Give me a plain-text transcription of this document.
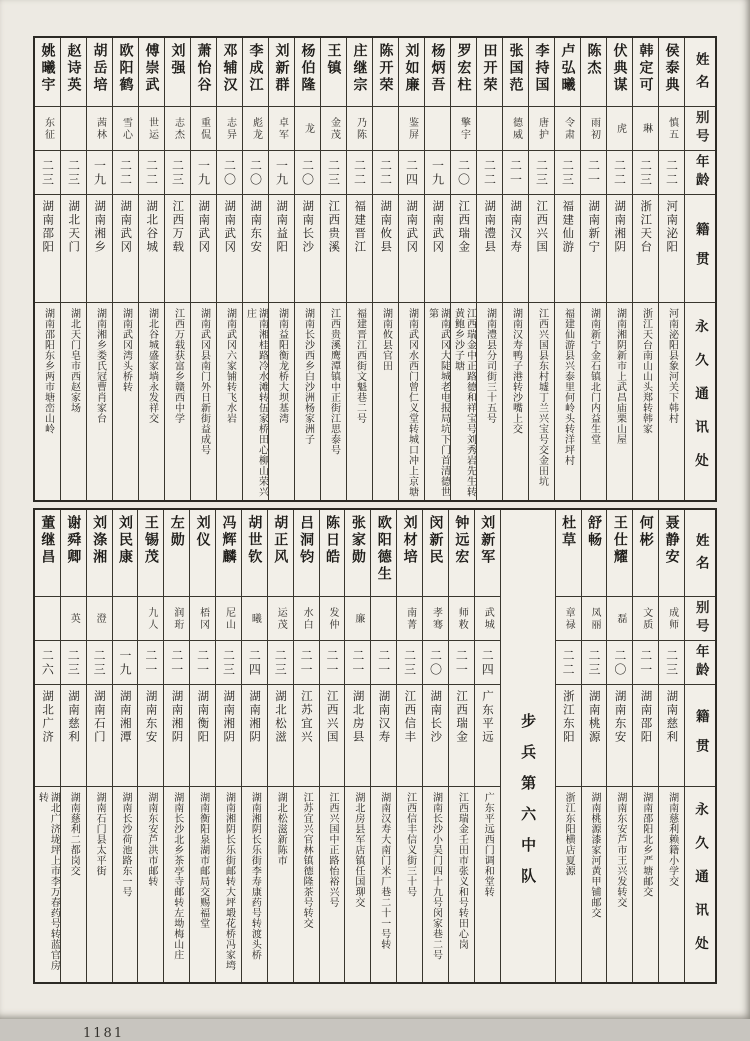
姓名
别号
年龄
籍贯
永久通讯处
侯泰典
慎五
二二
河南泌阳
河南泌阳县象河关下韩村
韩定可
琳
二三
浙江天台
浙江天台南山山头郑转韩家
伏典谋
虎
二二
湖南湘阴
湖南湘阴新市上武昌庙栗山屋
陈杰
雨初
二一
湖南新宁
湖南新宁金石镇北门内益生堂
卢弘曦
令肃
二三
福建仙游
福建仙游县兴泰里何岭头转洋坪村
李持国
唐护
二三
江西兴国
江西兴国县东村墟丁兰兴宝号交金田坑
张国范
德威
二一
湖南汉寿
湖南汉寿鸭子港转沙嘴上交
田开荣
二二
湖南澧县
湖南澧县分司街三十五号
罗宏柱
擎宇
二〇
江西瑞金
江西瑞金中正路德和祥宝号刘秀岩先生转黄鲍乡沙子塘
杨炳吾
一九
湖南武冈
湖南武冈大陡城老电报局坑下门首清德世第
刘如廉
鉴屏
二四
湖南武冈
湖南武冈水西门曾仁义堂转城口冲上京塘
陈开荣
二二
湖南攸县
湖南攸县官田
庄继宗
乃陈
二二
福建晋江
福建晋江西街文魁巷二号
王镇
金茂
二三
江西贵溪
江西贵溪鹰潭镇中正街江思泰号
杨伯隆
龙
二〇
湖南长沙
湖南长沙西乡白沙洲杨家洲子
刘新群
卓军
一九
湖南益阳
湖南益阳衡龙桥大坝基湾
李成江
彪龙
二〇
湖南东安
湖南湘桂路冷水滩转伍家桥田心柳山荣兴庄
邓辅汉
志异
二〇
湖南武冈
湖南武冈六家铺转飞水岩
萧怡谷
重侃
一九
湖南武冈
湖南武冈县南门外日新街益成号
刘强
志杰
二三
江西万载
江西万载获富乡赣西中学
傅崇武
世运
二二
湖北谷城
湖北谷城盛家埫永发祥交
欧阳鹤
雪心
二二
湖南武冈
湖南武冈湾头桥转
胡岳培
茜林
一九
湖南湘乡
湖南湘乡娄氏冠曹肖家台
赵诗英
二三
湖北天门
湖北天门皂市西赵家场
姚曦宇
东征
二三
湖南邵阳
湖南邵阳东乡两市塘峦山岭
姓名
别号
年龄
籍贯
永久通讯处
聂静安
成师
二三
湖南慈利
湖南慈利赖籍小学交
何彬
文质
二一
湖南邵阳
湖南邵阳北乡严塘邮交
王仕耀
磊
二〇
湖南东安
湖南东安芦市王兴发转交
舒畅
凤丽
二三
湖南桃源
湖南桃源漆家河黄甲铺邮交
杜草
章禄
二二
浙江东阳
浙江东阳横店夏源
步兵第六中队
刘新军
武城
二四
广东平远
广东平远西门调和堂转
钟远宏
师敉
二一
江西瑞金
江西瑞金壬田市张义和号转田心岗
闵新民
孝骞
二〇
湖南长沙
湖南长沙小吴门四十九号闵家巷二号
刘材培
南菁
二三
江西信丰
江西信丰信义街三十号
欧阳德生
二一
湖南汉寿
湖南汉寿大南门米厂巷二十一号转
张家勋
廉
二一
湖北房县
湖北房县军店镇任国珋交
陈日皓
发仲
二一
江西兴国
江西兴国中正路怡裕兴号
吕洞钧
水白
二一
江苏宜兴
江苏宜兴官林镇德隆茶号转交
胡正风
运茂
二三
湖北松滋
湖北松滋新陈市
胡世钦
曦
二四
湖南湘阴
湖南湘阴长乐街李寿康药号转渡头桥
冯辉麟
尼山
二三
湖南湘阴
湖南湘阴长乐街邮转大坪塅花桥冯家塆
刘仪
梧冈
二一
湖南衡阳
湖南衡阳泉湖市邮局交赐福堂
左勋
润珩
二一
湖南湘阴
湖南长沙北乡茶亭寺邮转左坳梅山庄
王锡茂
九人
二一
湖南东安
湖南东安芦洪市邮转
刘民康
一九
湖南湘潭
湖南长沙荷池路东一号
刘涤湘
澄
二三
湖南石门
湖南石门县太平街
谢舜卿
英
二三
湖南慈利
湖南慈利二都岗交
董继昌
二六
湖北广济
湖北广济垅坪上市李万春药号转蓝官房转
1181
